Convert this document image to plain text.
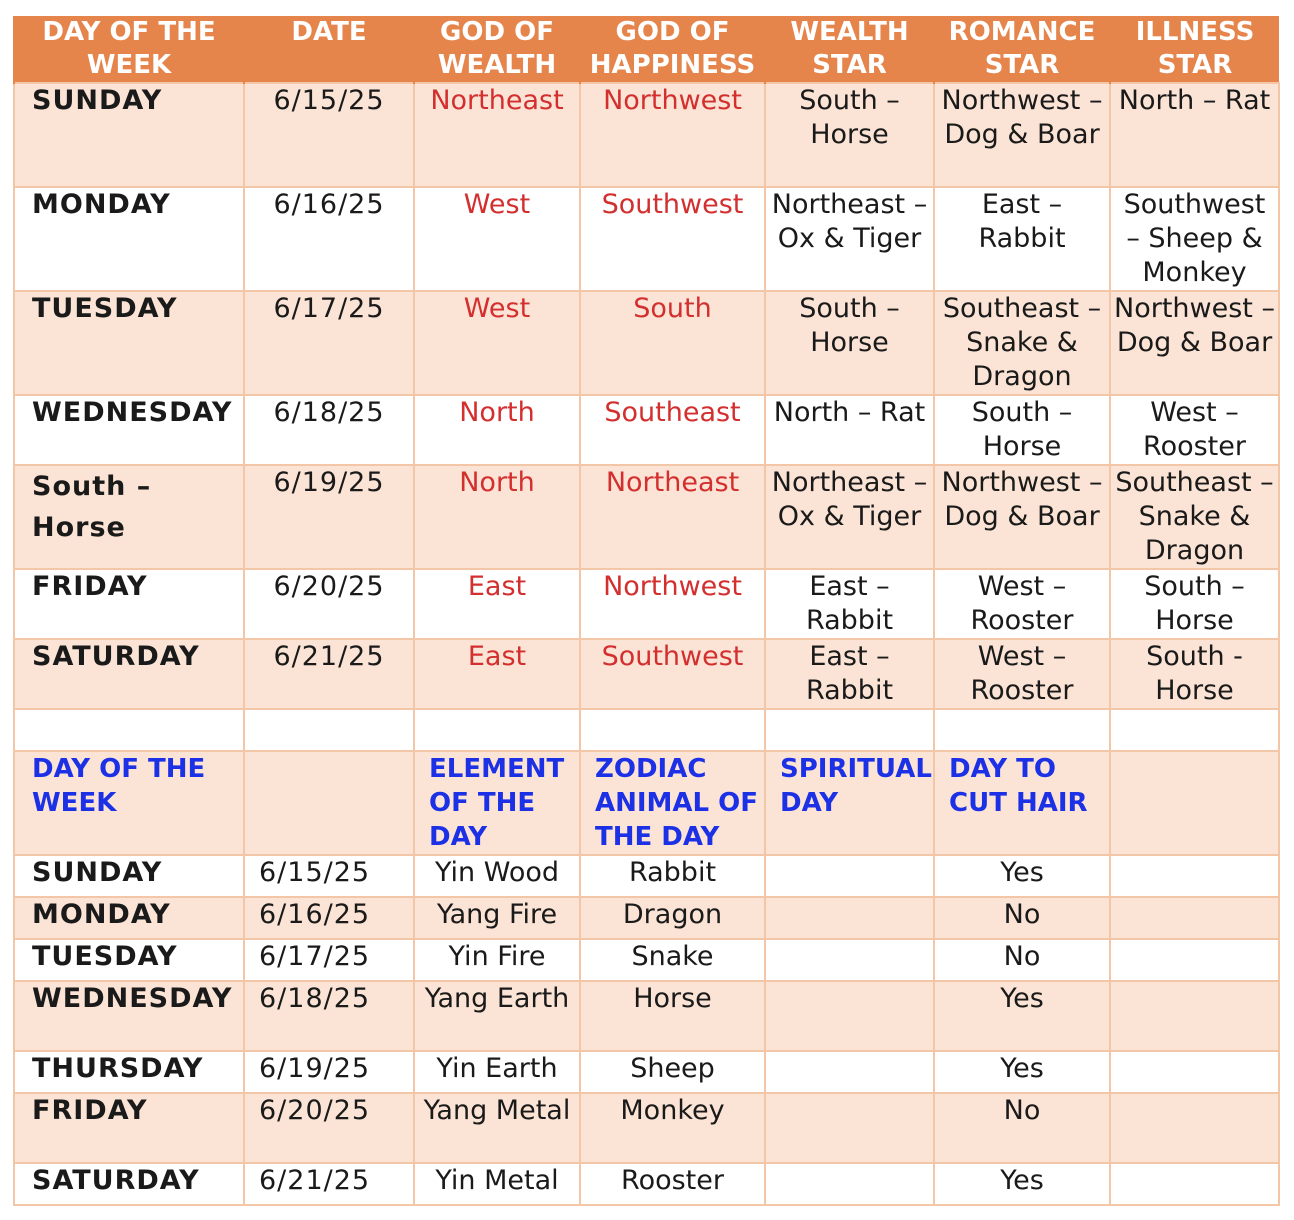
DAY OF THE WEEK	DATE	GOD OF WEALTH	GOD OF HAPPINESS	WEALTH STAR	ROMANCE STAR	ILLNESS STAR
SUNDAY	6/15/25	Northeast	Northwest	South – Horse	Northwest – Dog & Boar	North – Rat
MONDAY	6/16/25	West	Southwest	Northeast – Ox & Tiger	East – Rabbit	Southwest – Sheep & Monkey
TUESDAY	6/17/25	West	South	South – Horse	Southeast – Snake & Dragon	Northwest – Dog & Boar
WEDNESDAY	6/18/25	North	Southeast	North – Rat	South – Horse	West – Rooster
South – Horse	6/19/25	North	Northeast	Northeast – Ox & Tiger	Northwest – Dog & Boar	Southeast – Snake & Dragon
FRIDAY	6/20/25	East	Northwest	East – Rabbit	West – Rooster	South – Horse
SATURDAY	6/21/25	East	Southwest	East – Rabbit	West – Rooster	South - Horse

DAY OF THE WEEK		ELEMENT OF THE DAY	ZODIAC ANIMAL OF THE DAY	SPIRITUAL DAY	DAY TO CUT HAIR	
SUNDAY	6/15/25	Yin Wood	Rabbit		Yes	
MONDAY	6/16/25	Yang Fire	Dragon		No	
TUESDAY	6/17/25	Yin Fire	Snake		No	
WEDNESDAY	6/18/25	Yang Earth	Horse		Yes	
THURSDAY	6/19/25	Yin Earth	Sheep		Yes	
FRIDAY	6/20/25	Yang Metal	Monkey		No	
SATURDAY	6/21/25	Yin Metal	Rooster		Yes	
